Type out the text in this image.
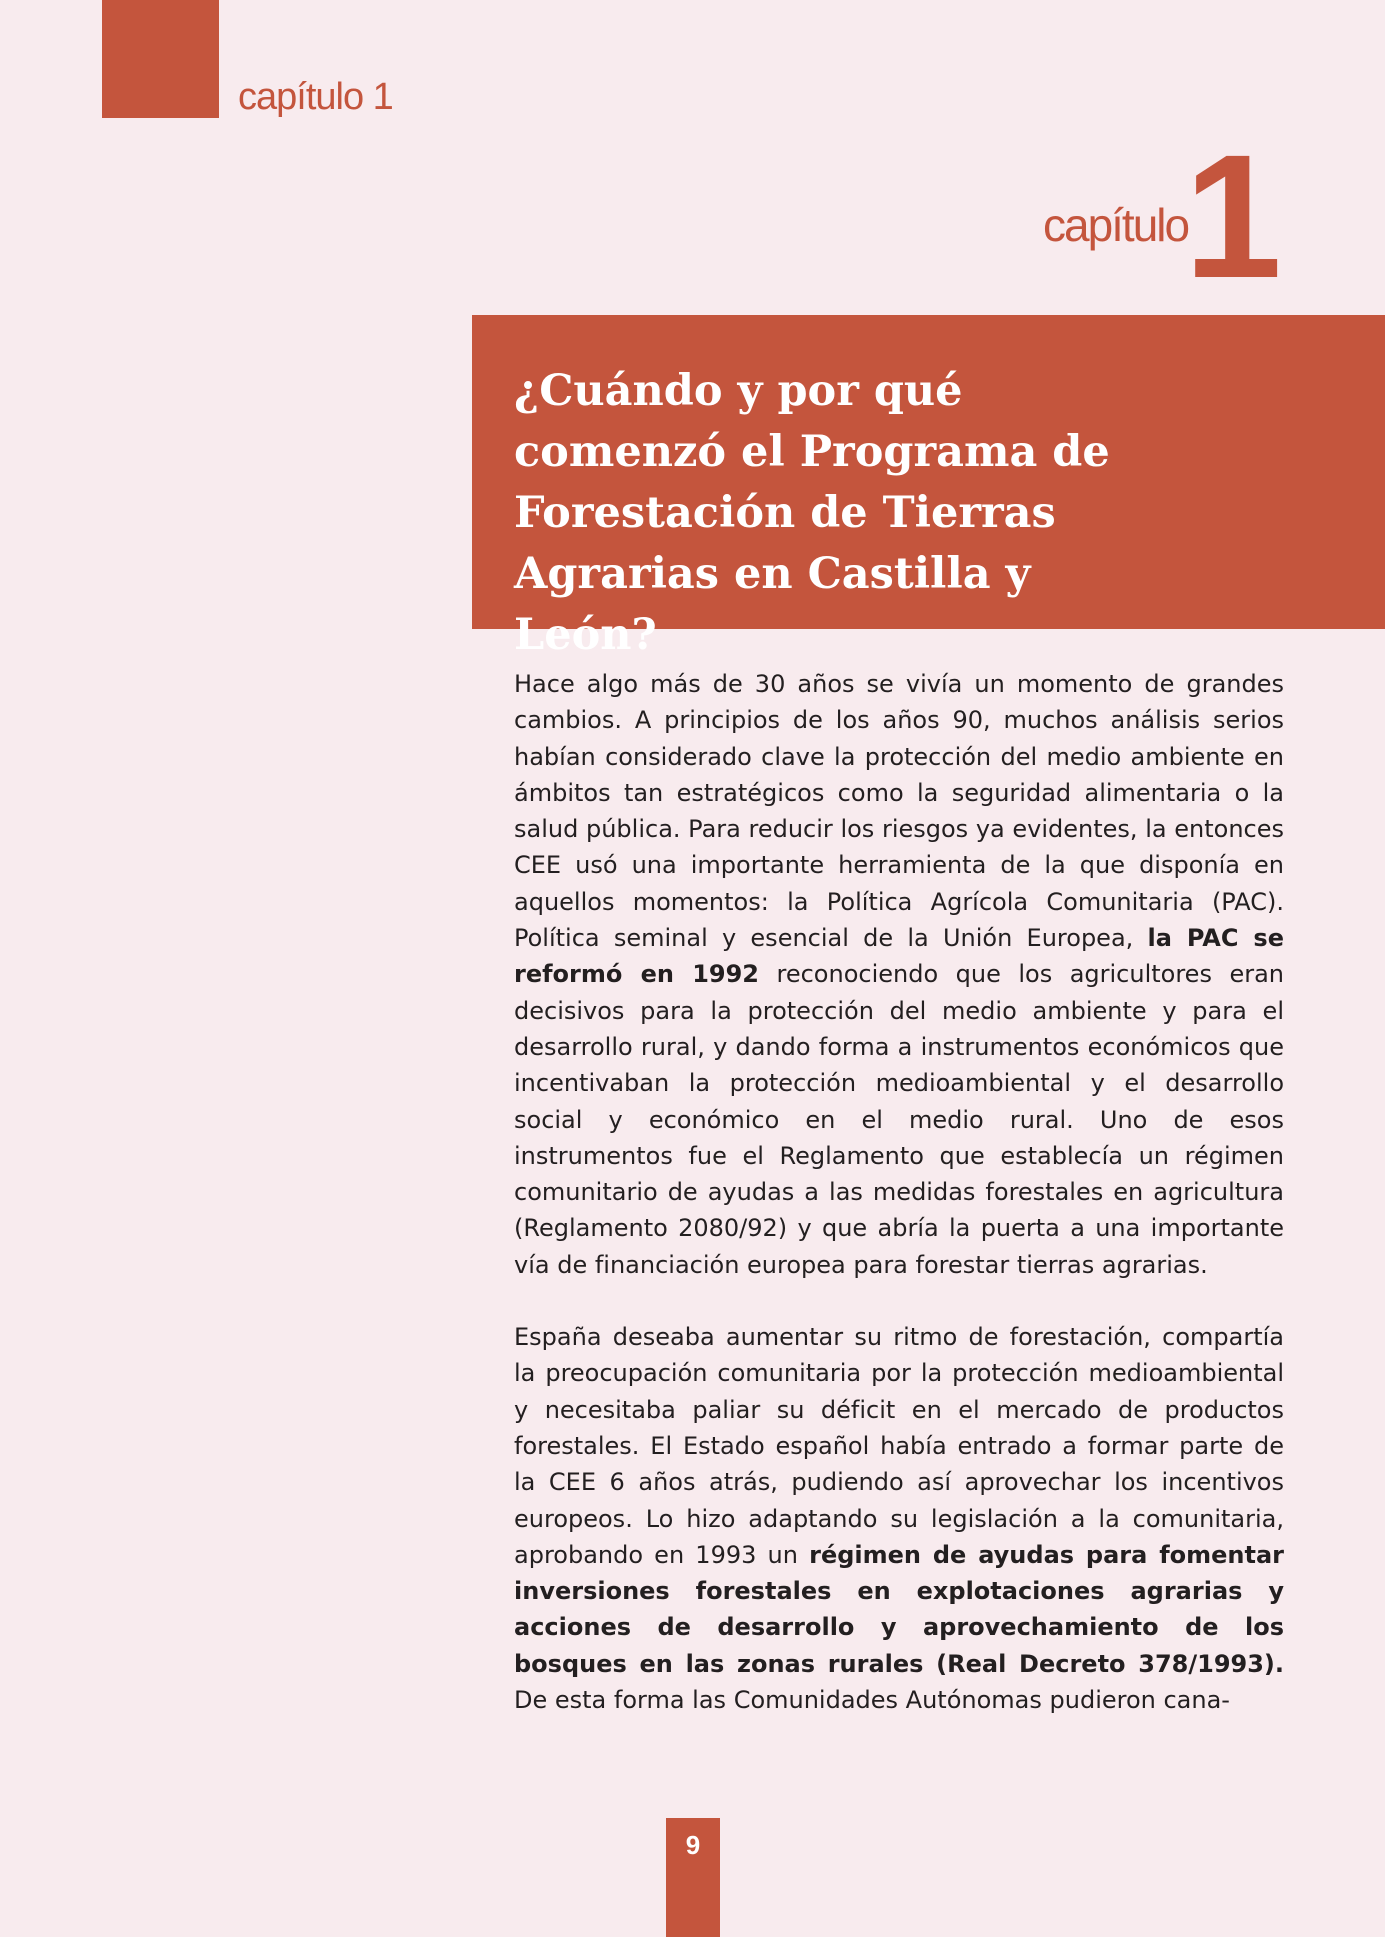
capítulo 1
capítulo
1
¿Cuándo y por qué comenzó el Programa de Forestación de Tierras Agrarias en Castilla y León?

Hace algo más de 30 años se vivía un momento de grandes cambios. A principios de los años 90, muchos análisis serios habían considerado clave la protección del medio ambiente en ámbitos tan estratégicos como la seguridad alimentaria o la salud pública. Para reducir los riesgos ya evidentes, la entonces CEE usó una importante herramienta de la que disponía en aquellos momentos: la Política Agrícola Comunitaria (PAC). Política seminal y esencial de la Unión Europea, la PAC se reformó en 1992 reconociendo que los agricultores eran decisivos para la protección del medio ambiente y para el desarrollo rural, y dando forma a instrumentos económicos que incentivaban la protección medioambiental y el desarrollo social y económico en el medio rural. Uno de esos instrumentos fue el Reglamento que establecía un régimen comunitario de ayudas a las medidas forestales en agricultura (Reglamento 2080/92) y que abría la puerta a una importante vía de financiación europea para forestar tierras agrarias.

España deseaba aumentar su ritmo de forestación, compartía la preocupación comunitaria por la protección medioambiental y necesitaba paliar su déficit en el mercado de productos forestales. El Estado español había entrado a formar parte de la CEE 6 años atrás, pudiendo así aprovechar los incentivos europeos. Lo hizo adaptando su legislación a la comunitaria, aprobando en 1993 un régimen de ayudas para fomentar inversiones forestales en explotaciones agrarias y acciones de desarrollo y aprovechamiento de los bosques en las zonas rurales (Real Decreto 378/1993). De esta forma las Comunidades Autónomas pudieron cana-

9
